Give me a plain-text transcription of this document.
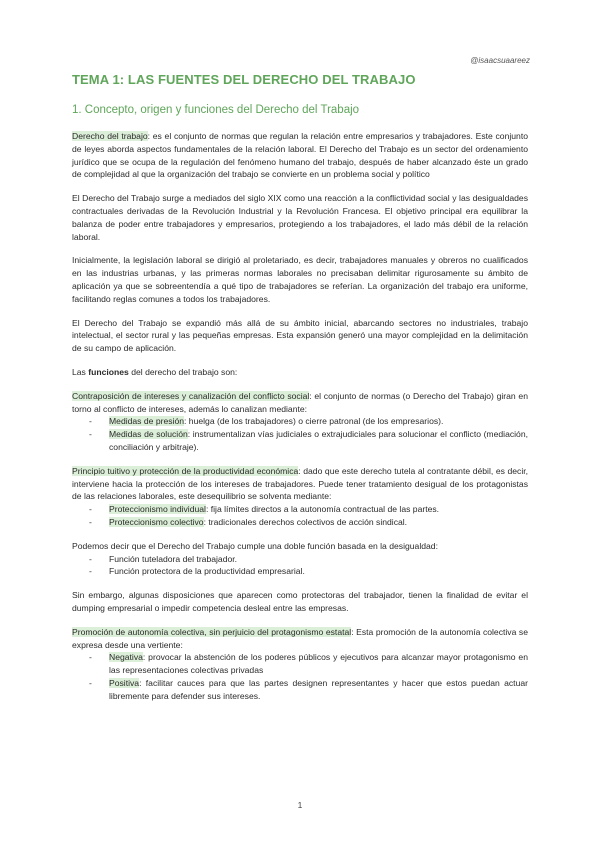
@isaacsuaareez
TEMA 1: LAS FUENTES DEL DERECHO DEL TRABAJO
1. Concepto, origen y funciones del Derecho del Trabajo

Derecho del trabajo: es el conjunto de normas que regulan la relación entre empresarios y trabajadores. Este conjunto de leyes aborda aspectos fundamentales de la relación laboral. El Derecho del Trabajo es un sector del ordenamiento jurídico que se ocupa de la regulación del fenómeno humano del trabajo, después de haber alcanzado éste un grado de complejidad al que la organización del trabajo se convierte en un problema social y político

El Derecho del Trabajo surge a mediados del siglo XIX como una reacción a la conflictividad social y las desigualdades contractuales derivadas de la Revolución Industrial y la Revolución Francesa. El objetivo principal era equilibrar la balanza de poder entre trabajadores y empresarios, protegiendo a los trabajadores, el lado más débil de la relación laboral.

Inicialmente, la legislación laboral se dirigió al proletariado, es decir, trabajadores manuales y obreros no cualificados en las industrias urbanas, y las primeras normas laborales no precisaban delimitar rigurosamente su ámbito de aplicación ya que se sobreentendía a qué tipo de trabajadores se referían. La organización del trabajo era uniforme, facilitando reglas comunes a todos los trabajadores.

El Derecho del Trabajo se expandió más allá de su ámbito inicial, abarcando sectores no industriales, trabajo intelectual, el sector rural y las pequeñas empresas. Esta expansión generó una mayor complejidad en la delimitación de su campo de aplicación.

Las funciones del derecho del trabajo son:

Contraposición de intereses y canalización del conflicto social: el conjunto de normas (o Derecho del Trabajo) giran en torno al conflicto de intereses, además lo canalizan mediante:

- Medidas de presión: huelga (de los trabajadores) o cierre patronal (de los empresarios).
- Medidas de solución: instrumentalizan vías judiciales o extrajudiciales para solucionar el conflicto (mediación, conciliación y arbitraje).

Principio tuitivo y protección de la productividad económica: dado que este derecho tutela al contratante débil, es decir, interviene hacia la protección de los intereses de trabajadores. Puede tener tratamiento desigual de los protagonistas de las relaciones laborales, este desequilibrio se solventa mediante:

- Proteccionismo individual: fija límites directos a la autonomía contractual de las partes.
- Proteccionismo colectivo: tradicionales derechos colectivos de acción sindical.

Podemos decir que el Derecho del Trabajo cumple una doble función basada en la desigualdad:

- Función tuteladora del trabajador.
- Función protectora de la productividad empresarial.

Sin embargo, algunas disposiciones que aparecen como protectoras del trabajador, tienen la finalidad de evitar el dumping empresarial o impedir competencia desleal entre las empresas.

Promoción de autonomía colectiva, sin perjuicio del protagonismo estatal: Esta promoción de la autonomía colectiva se expresa desde una vertiente:

- Negativa: provocar la abstención de los poderes públicos y ejecutivos para alcanzar mayor protagonismo en las representaciones colectivas privadas
- Positiva: facilitar cauces para que las partes designen representantes y hacer que estos puedan actuar libremente para defender sus intereses.
1
